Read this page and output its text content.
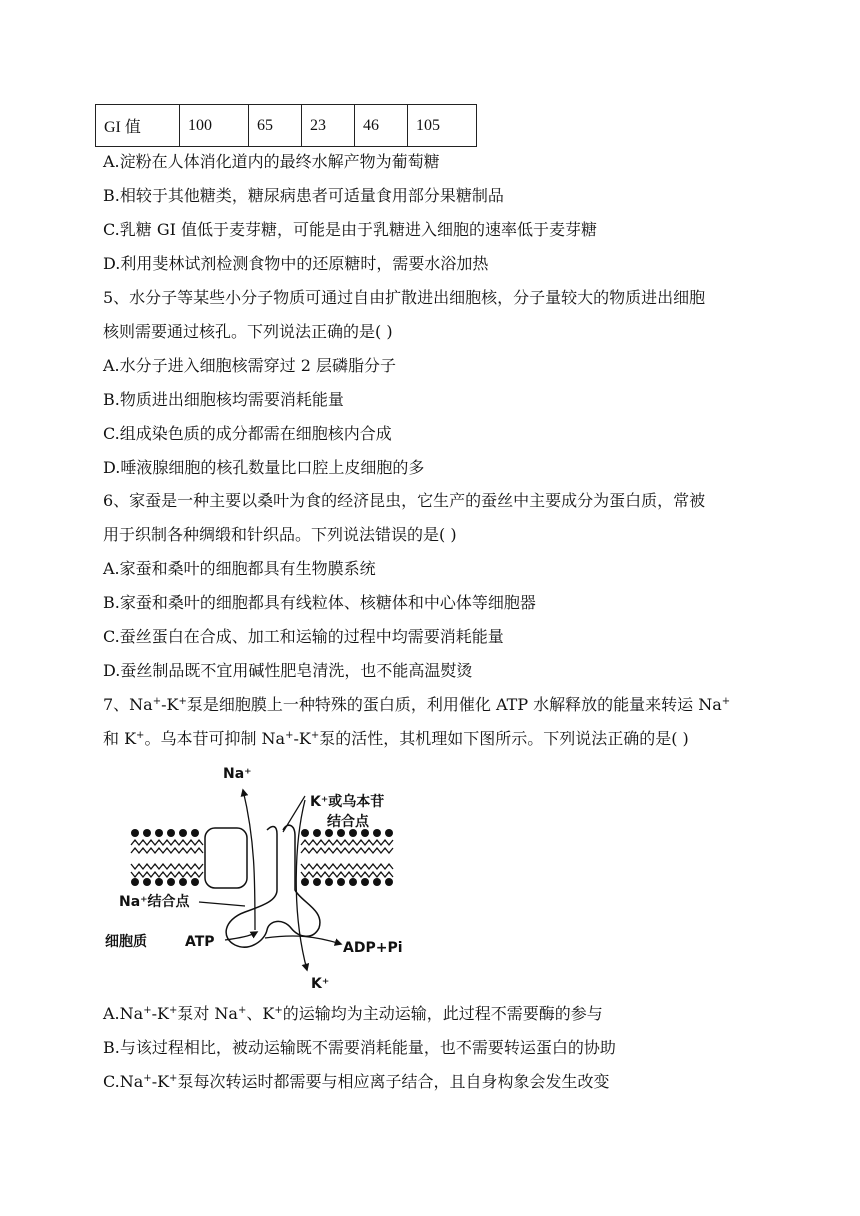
GI 值	100	65	23	46	105
A.淀粉在人体消化道内的最终水解产物为葡萄糖
B.相较于其他糖类，糖尿病患者可适量食用部分果糖制品
C.乳糖 GI 值低于麦芽糖，可能是由于乳糖进入细胞的速率低于麦芽糖
D.利用斐林试剂检测食物中的还原糖时，需要水浴加热
5、水分子等某些小分子物质可通过自由扩散进出细胞核，分子量较大的物质进出细胞
核则需要通过核孔。下列说法正确的是( )
A.水分子进入细胞核需穿过 2 层磷脂分子
B.物质进出细胞核均需要消耗能量
C.组成染色质的成分都需在细胞核内合成
D.唾液腺细胞的核孔数量比口腔上皮细胞的多
6、家蚕是一种主要以桑叶为食的经济昆虫，它生产的蚕丝中主要成分为蛋白质，常被
用于织制各种绸缎和针织品。下列说法错误的是( )
A.家蚕和桑叶的细胞都具有生物膜系统
B.家蚕和桑叶的细胞都具有线粒体、核糖体和中心体等细胞器
C.蚕丝蛋白在合成、加工和运输的过程中均需要消耗能量
D.蚕丝制品既不宜用碱性肥皂清洗，也不能高温熨烫
7、Na+-K+泵是细胞膜上一种特殊的蛋白质，利用催化 ATP 水解释放的能量来转运 Na+
和 K+。乌本苷可抑制 Na+-K+泵的活性，其机理如下图所示。下列说法正确的是( )
Na⁺
K⁺或乌本苷
结合点
Na⁺结合点
细胞质	ATP	ADP+Pi
K⁺
A.Na+-K+泵对 Na+、K+的运输均为主动运输，此过程不需要酶的参与
B.与该过程相比，被动运输既不需要消耗能量，也不需要转运蛋白的协助
C.Na+-K+泵每次转运时都需要与相应离子结合，且自身构象会发生改变
